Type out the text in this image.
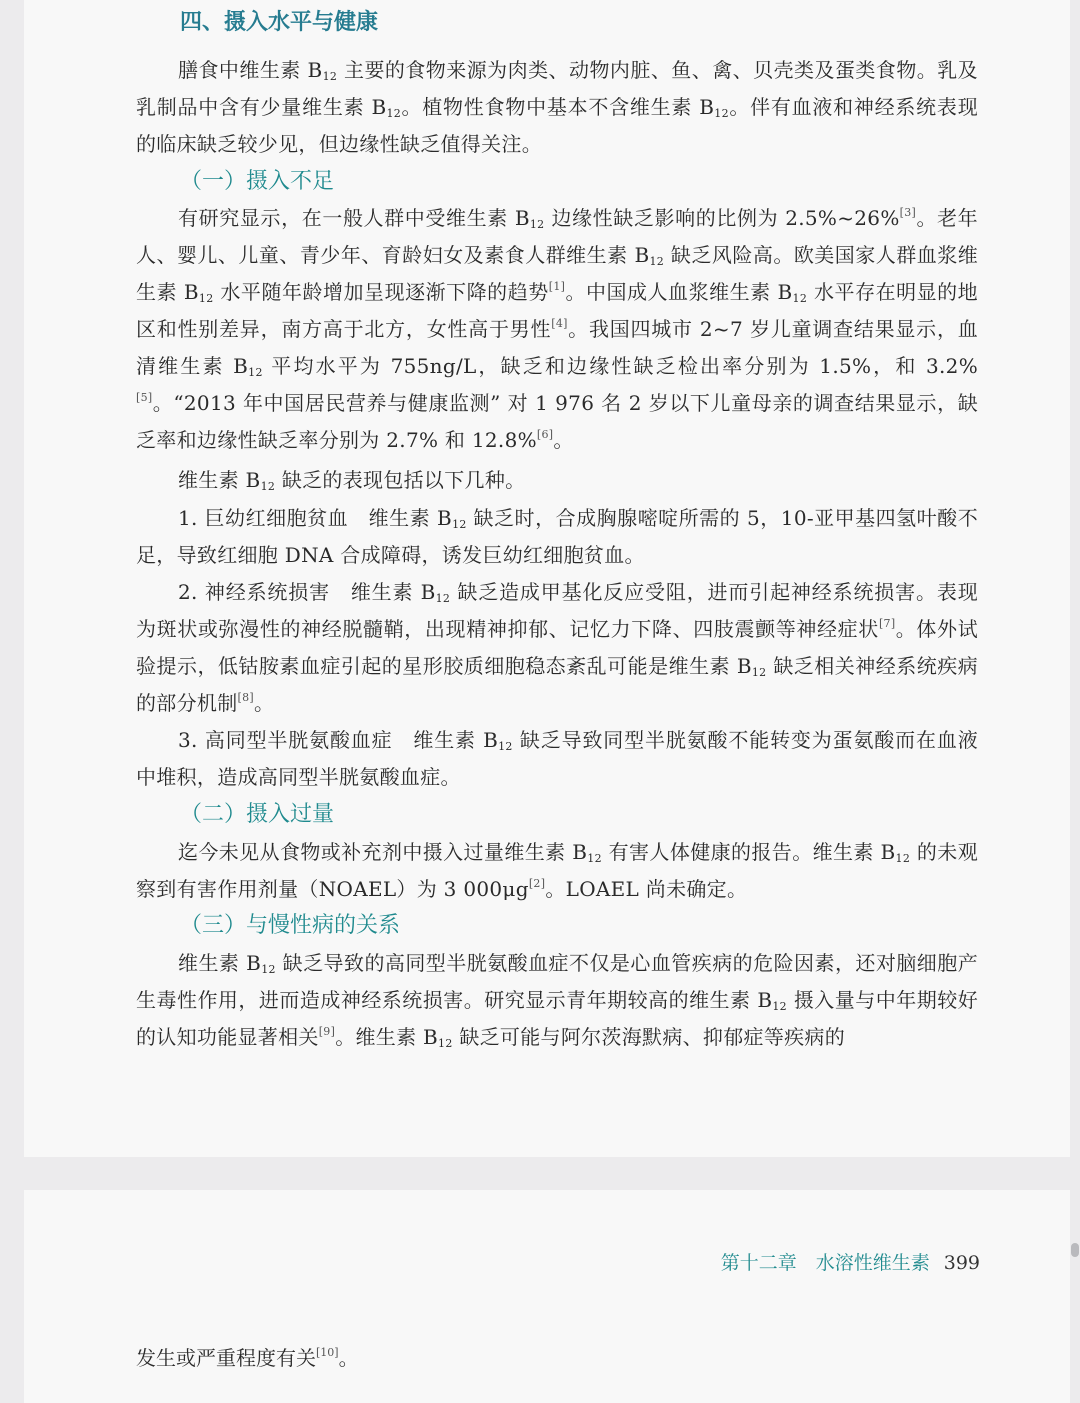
四、摄入水平与健康

膳食中维生素 $B_{12}$ 主要的食物来源为肉类、动物内脏、鱼、禽、贝壳类及蛋类食物。乳及乳制品中含有少量维生素 $B_{12}$。植物性食物中基本不含维生素 $B_{12}$。伴有血液和神经系统表现的临床缺乏较少见，但边缘性缺乏值得关注。

（一）摄入不足

有研究显示，在一般人群中受维生素 $B_{12}$ 边缘性缺乏影响的比例为 2.5%~26%[3]。老年人、婴儿、儿童、青少年、育龄妇女及素食人群维生素 $B_{12}$ 缺乏风险高。欧美国家人群血浆维生素 $B_{12}$ 水平随年龄增加呈现逐渐下降的趋势[1]。中国成人血浆维生素 $B_{12}$ 水平存在明显的地区和性别差异，南方高于北方，女性高于男性[4]。我国四城市 2~7 岁儿童调查结果显示，血清维生素 $B_{12}$ 平均水平为 755ng/L，缺乏和边缘性缺乏检出率分别为 1.5%，和 3.2%[5]。“2013 年中国居民营养与健康监测” 对 1 976 名 2 岁以下儿童母亲的调查结果显示，缺乏率和边缘性缺乏率分别为 2.7% 和 12.8%[6]。

维生素 $B_{12}$ 缺乏的表现包括以下几种。

1. 巨幼红细胞贫血　 维生素 $B_{12}$ 缺乏时，合成胸腺嘧啶所需的 5，10-亚甲基四氢叶酸不足，导致红细胞 DNA 合成障碍，诱发巨幼红细胞贫血。

2. 神经系统损害　 维生素 $B_{12}$ 缺乏造成甲基化反应受阻，进而引起神经系统损害。表现为斑状或弥漫性的神经脱髓鞘，出现精神抑郁、记忆力下降、四肢震颤等神经症状[7]。体外试验提示，低钴胺素血症引起的星形胶质细胞稳态紊乱可能是维生素 $B_{12}$ 缺乏相关神经系统疾病的部分机制[8]。

3. 高同型半胱氨酸血症　 维生素 $B_{12}$ 缺乏导致同型半胱氨酸不能转变为蛋氨酸而在血液中堆积，造成高同型半胱氨酸血症。

（二）摄入过量

迄今未见从食物或补充剂中摄入过量维生素 $B_{12}$ 有害人体健康的报告。维生素 $B_{12}$ 的未观察到有害作用剂量（NOAEL）为 3 000μg[2]。LOAEL 尚未确定。

（三）与慢性病的关系

维生素 $B_{12}$ 缺乏导致的高同型半胱氨酸血症不仅是心血管疾病的危险因素，还对脑细胞产生毒性作用，进而造成神经系统损害。研究显示青年期较高的维生素 $B_{12}$ 摄入量与中年期较好的认知功能显著相关[9]。维生素 $B_{12}$ 缺乏可能与阿尔茨海默病、抑郁症等疾病的

第十二章　水溶性维生素 399
发生或严重程度有关[10]。
